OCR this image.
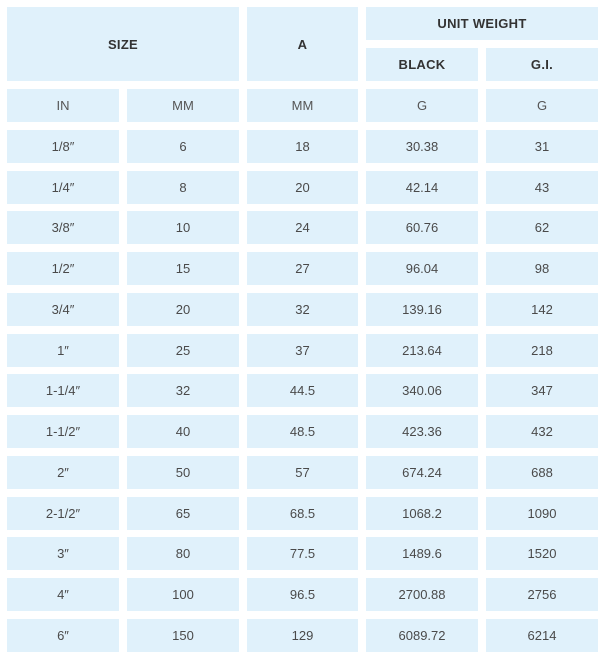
SIZE	A
UNIT WEIGHT
BLACK	G.I.
IN	MM	MM	G	G
1/8″	6	18	30.38	31
1/4″	8	20	42.14	43
3/8″	10	24	60.76	62
1/2″	15	27	96.04	98
3/4″	20	32	139.16	142
1″	25	37	213.64	218
1-1/4″	32	44.5	340.06	347
1-1/2″	40	48.5	423.36	432
2″	50	57	674.24	688
2-1/2″	65	68.5	1068.2	1090
3″	80	77.5	1489.6	1520
4″	100	96.5	2700.88	2756
6″	150	129	6089.72	6214
